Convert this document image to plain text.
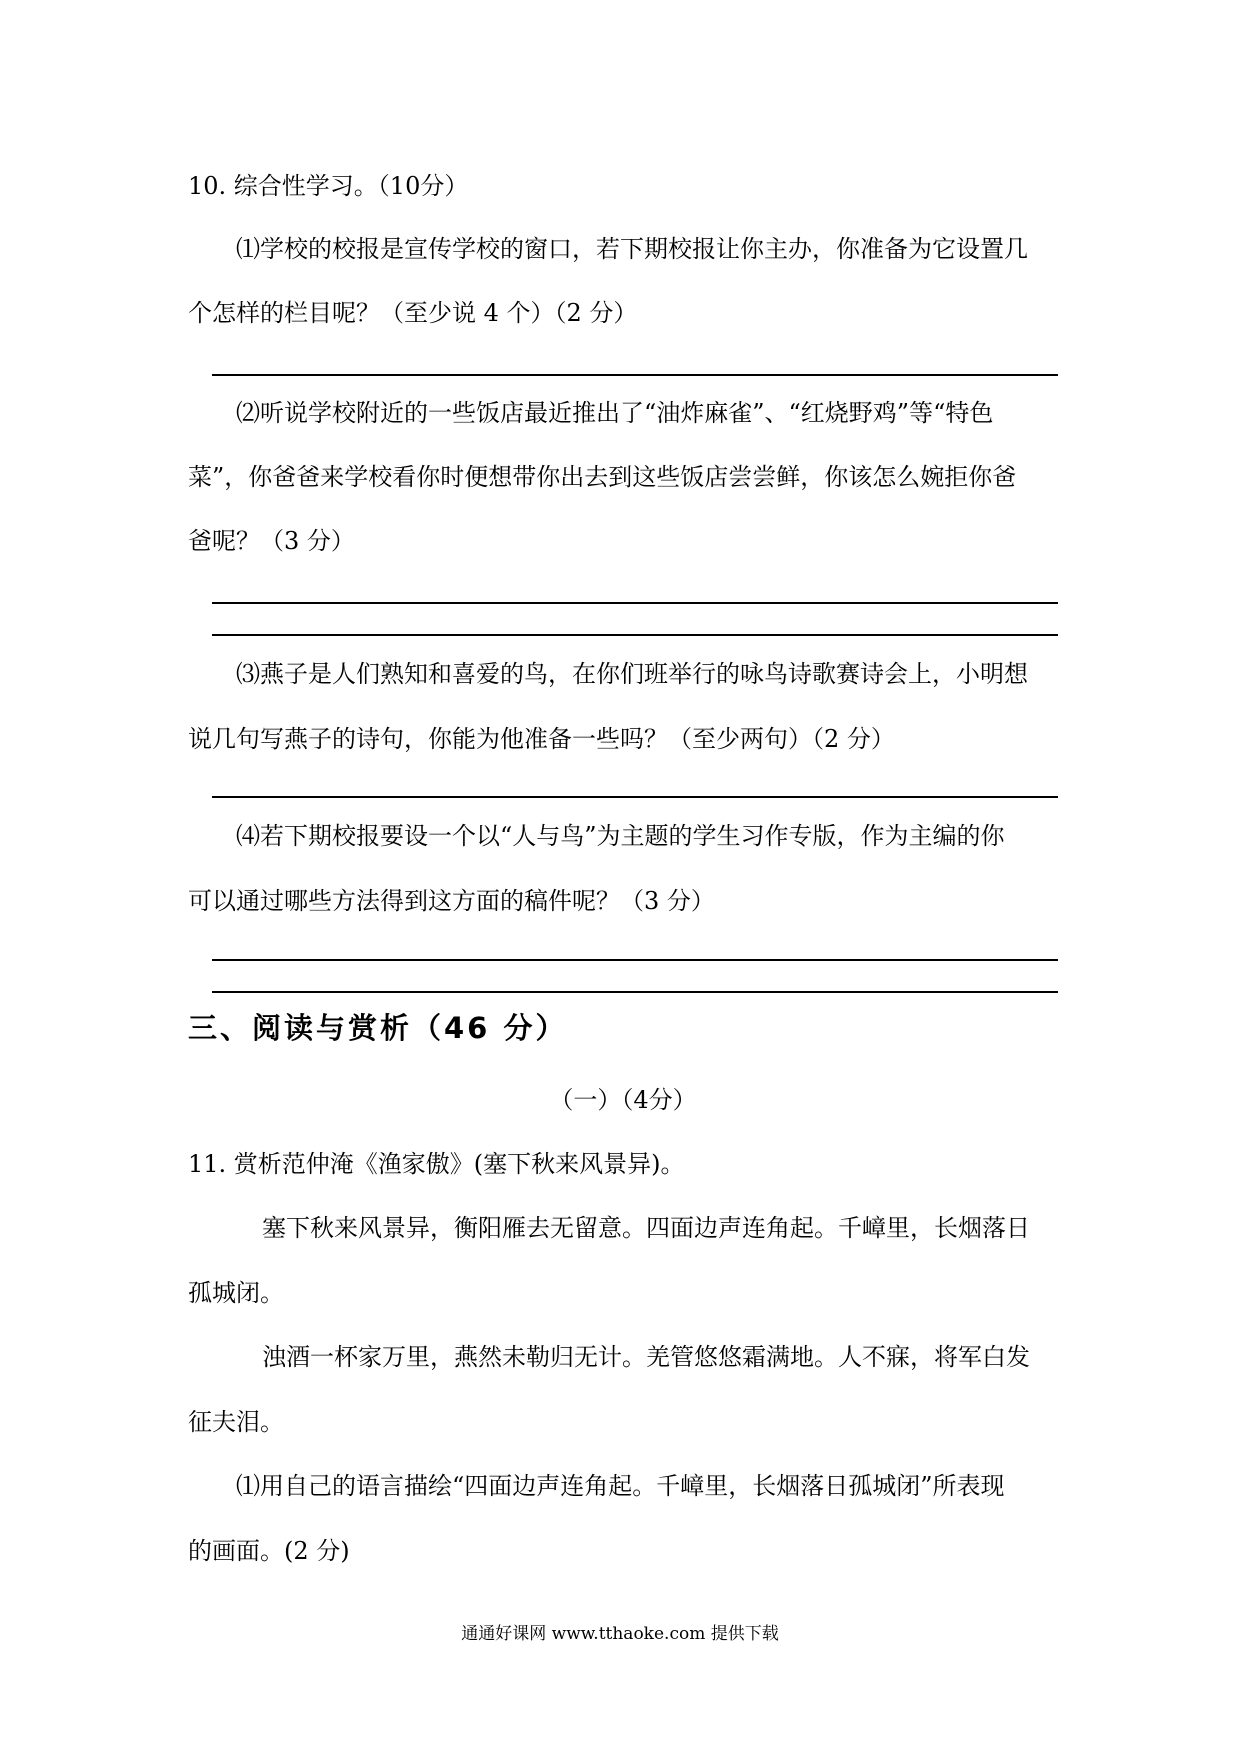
10. 综合性学习。（10分）
⑴学校的校报是宣传学校的窗口，若下期校报让你主办，你准备为它设置几
个怎样的栏目呢？（至少说 4 个）（2 分）
⑵听说学校附近的一些饭店最近推出了“油炸麻雀”、“红烧野鸡”等“特色
菜”，你爸爸来学校看你时便想带你出去到这些饭店尝尝鲜，你该怎么婉拒你爸
爸呢？（3 分）
⑶燕子是人们熟知和喜爱的鸟，在你们班举行的咏鸟诗歌赛诗会上，小明想
说几句写燕子的诗句，你能为他准备一些吗？（至少两句）（2 分）
⑷若下期校报要设一个以“人与鸟”为主题的学生习作专版，作为主编的你
可以通过哪些方法得到这方面的稿件呢？（3 分）
三、阅读与赏析（46 分）
（一）（4分）
11. 赏析范仲淹《渔家傲》(塞下秋来风景异)。
塞下秋来风景异，衡阳雁去无留意。四面边声连角起。千嶂里，长烟落日
孤城闭。
浊酒一杯家万里，燕然未勒归无计。羌管悠悠霜满地。人不寐，将军白发
征夫泪。
⑴用自己的语言描绘“四面边声连角起。千嶂里，长烟落日孤城闭”所表现
的画面。(2 分)
通通好课网 www.tthaoke.com 提供下载
